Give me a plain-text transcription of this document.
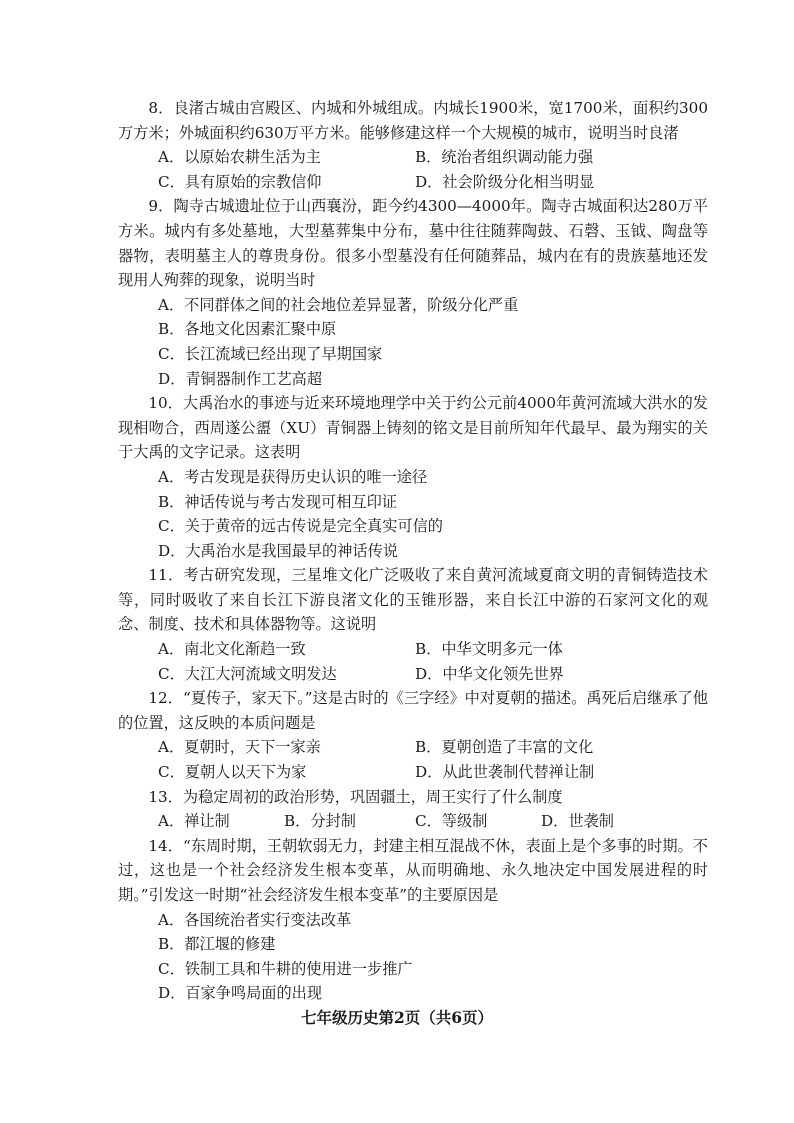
8．良渚古城由宫殿区、内城和外城组成。内城长1900米，宽1700米，面积约300万方米；外城面积约630万平方米。能够修建这样一个大规模的城市，说明当时良渚
A．以原始农耕生活为主	B．统治者组织调动能力强
C．具有原始的宗教信仰	D．社会阶级分化相当明显
9．陶寺古城遗址位于山西襄汾，距今约4300—4000年。陶寺古城面积达280万平方米。城内有多处墓地，大型墓葬集中分布，墓中往往随葬陶鼓、石磬、玉钺、陶盘等器物，表明墓主人的尊贵身份。很多小型墓没有任何随葬品，城内在有的贵族墓地还发现用人殉葬的现象，说明当时
A．不同群体之间的社会地位差异显著，阶级分化严重
B．各地文化因素汇聚中原
C．长江流域已经出现了早期国家
D．青铜器制作工艺高超
10．大禹治水的事迹与近来环境地理学中关于约公元前4000年黄河流域大洪水的发现相吻合，西周遂公盨（XU）青铜器上铸刻的铭文是目前所知年代最早、最为翔实的关于大禹的文字记录。这表明
A．考古发现是获得历史认识的唯一途径
B．神话传说与考古发现可相互印证
C．关于黄帝的远古传说是完全真实可信的
D．大禹治水是我国最早的神话传说
11．考古研究发现，三星堆文化广泛吸收了来自黄河流域夏商文明的青铜铸造技术等，同时吸收了来自长江下游良渚文化的玉锥形器，来自长江中游的石家河文化的观念、制度、技术和具体器物等。这说明
A．南北文化渐趋一致	B．中华文明多元一体
C．大江大河流域文明发达	D．中华文化领先世界
12．“夏传子，家天下。”这是古时的《三字经》中对夏朝的描述。禹死后启继承了他的位置，这反映的本质问题是
A．夏朝时，天下一家亲	B．夏朝创造了丰富的文化
C．夏朝人以天下为家	D．从此世袭制代替禅让制
13．为稳定周初的政治形势，巩固疆土，周王实行了什么制度
A．禅让制	B．分封制	C．等级制	D．世袭制
14．“东周时期，王朝软弱无力，封建主相互混战不休，表面上是个多事的时期。不过，这也是一个社会经济发生根本变革，从而明确地、永久地决定中国发展进程的时期。”引发这一时期“社会经济发生根本变革”的主要原因是
A．各国统治者实行变法改革
B．都江堰的修建
C．铁制工具和牛耕的使用进一步推广
D．百家争鸣局面的出现
七年级历史第2页（共6页）
